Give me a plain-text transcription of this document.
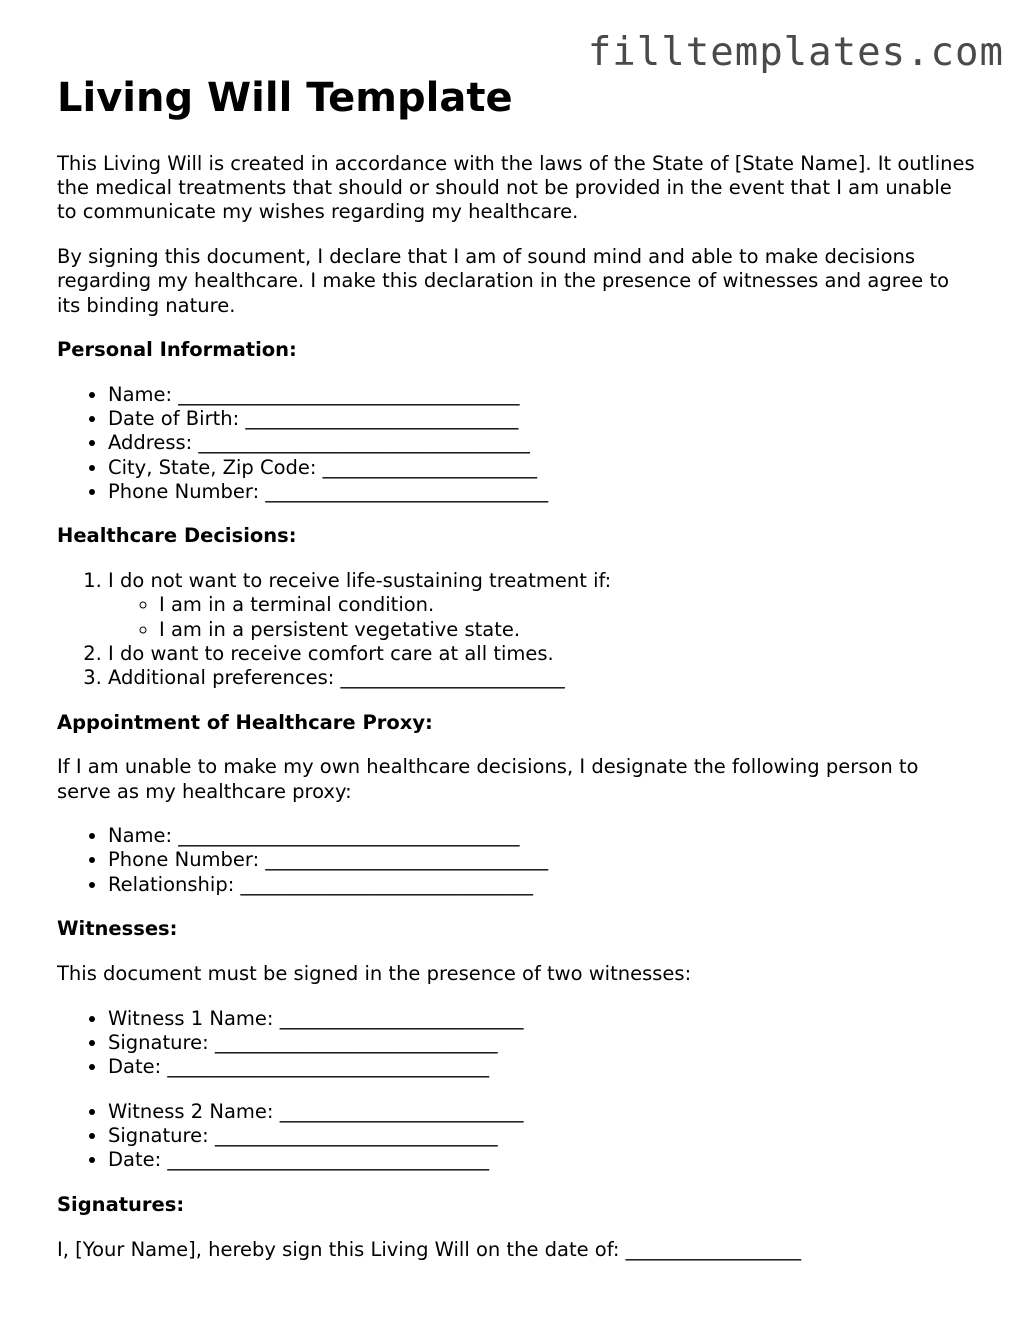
filltemplates.com
Living Will Template

This Living Will is created in accordance with the laws of the State of [State Name]. It outlines the medical treatments that should or should not be provided in the event that I am unable to communicate my wishes regarding my healthcare.

By signing this document, I declare that I am of sound mind and able to make decisions regarding my healthcare. I make this declaration in the presence of witnesses and agree to its binding nature.

Personal Information:
• Name: ___________________________________
• Date of Birth: ____________________________
• Address: __________________________________
• City, State, Zip Code: ______________________
• Phone Number: _____________________________
Healthcare Decisions:
1. I do not want to receive life-sustaining treatment if:
◦ I am in a terminal condition.
◦ I am in a persistent vegetative state.
2. I do want to receive comfort care at all times.
3. Additional preferences: _______________________
Appointment of Healthcare Proxy:

If I am unable to make my own healthcare decisions, I designate the following person to serve as my healthcare proxy:

• Name: ___________________________________
• Phone Number: _____________________________
• Relationship: ______________________________
Witnesses:

This document must be signed in the presence of two witnesses:

• Witness 1 Name: _________________________
• Signature: _____________________________
• Date: _________________________________
• Witness 2 Name: _________________________
• Signature: _____________________________
• Date: _________________________________
Signatures:

I, [Your Name], hereby sign this Living Will on the date of: __________________
